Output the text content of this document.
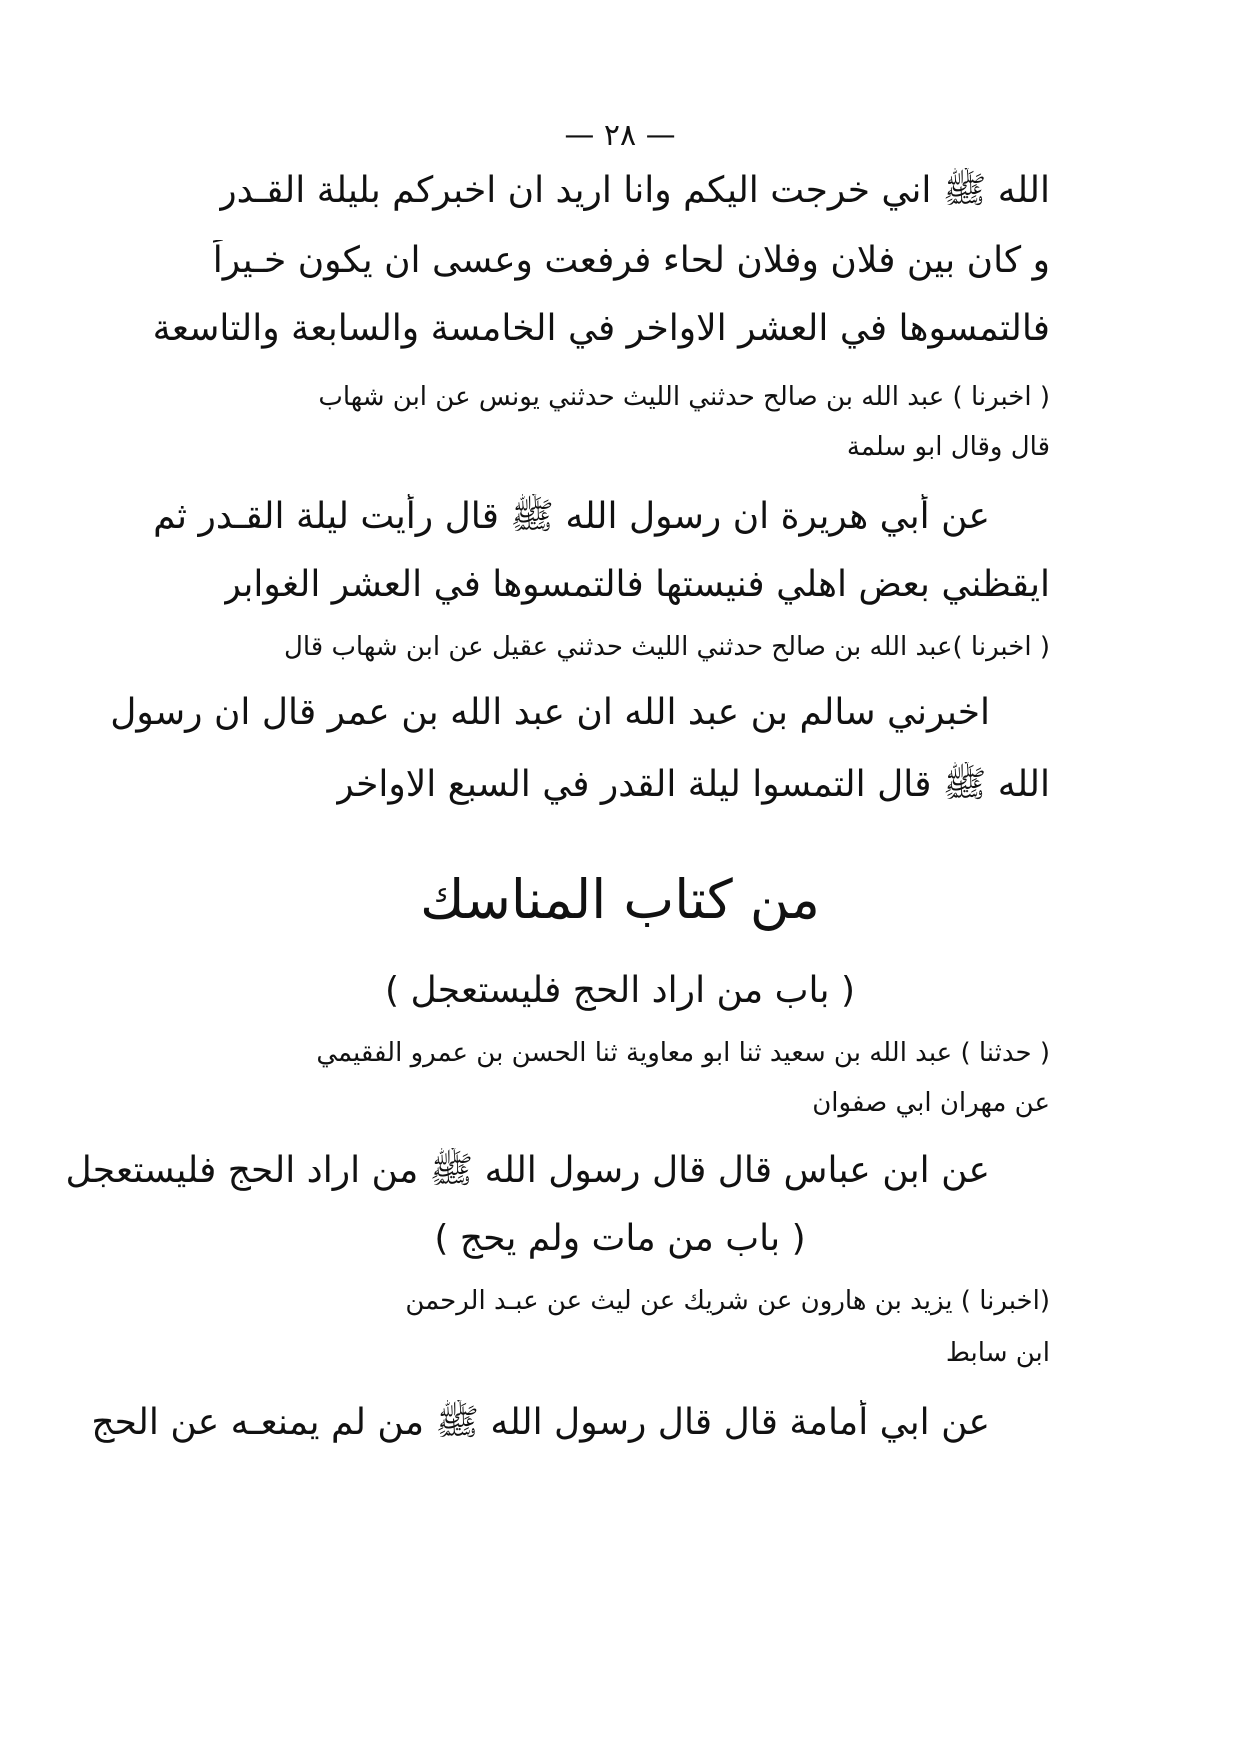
— ٢٨ —
الله ﷺ اني خرجت اليكم وانا اريد ان اخبركم بليلة القـدر
و كان بين فلان وفلان لحاء فرفعت وعسى ان يكون خـيراً
فالتمسوها في العشر الاواخر في الخامسة والسابعة والتاسعة
( اخبرنا ) عبد الله بن صالح حدثني الليث حدثني يونس عن ابن شهاب
قال وقال ابو سلمة
عن أبي هريرة ان رسول الله ﷺ قال رأيت ليلة القـدر ثم
ايقظني بعض اهلي فنيستها فالتمسوها في العشر الغوابر
( اخبرنا )عبد الله بن صالح حدثني الليث حدثني عقيل عن ابن شهاب قال
اخبرني سالم بن عبد الله ان عبد الله بن عمر قال ان رسول
الله ﷺ قال التمسوا ليلة القدر في السبع الاواخر
من كتاب المناسك
( باب من اراد الحج فليستعجل )
( حدثنا ) عبد الله بن سعيد ثنا ابو معاوية ثنا الحسن بن عمرو الفقيمي
عن مهران ابي صفوان
عن ابن عباس قال قال رسول الله ﷺ من اراد الحج فليستعجل
( باب من مات ولم يحج )
(اخبرنا ) يزيد بن هارون عن شريك عن ليث عن عبـد الرحمن
ابن سابط
عن ابي أمامة قال قال رسول الله ﷺ من لم يمنعـه عن الحج
